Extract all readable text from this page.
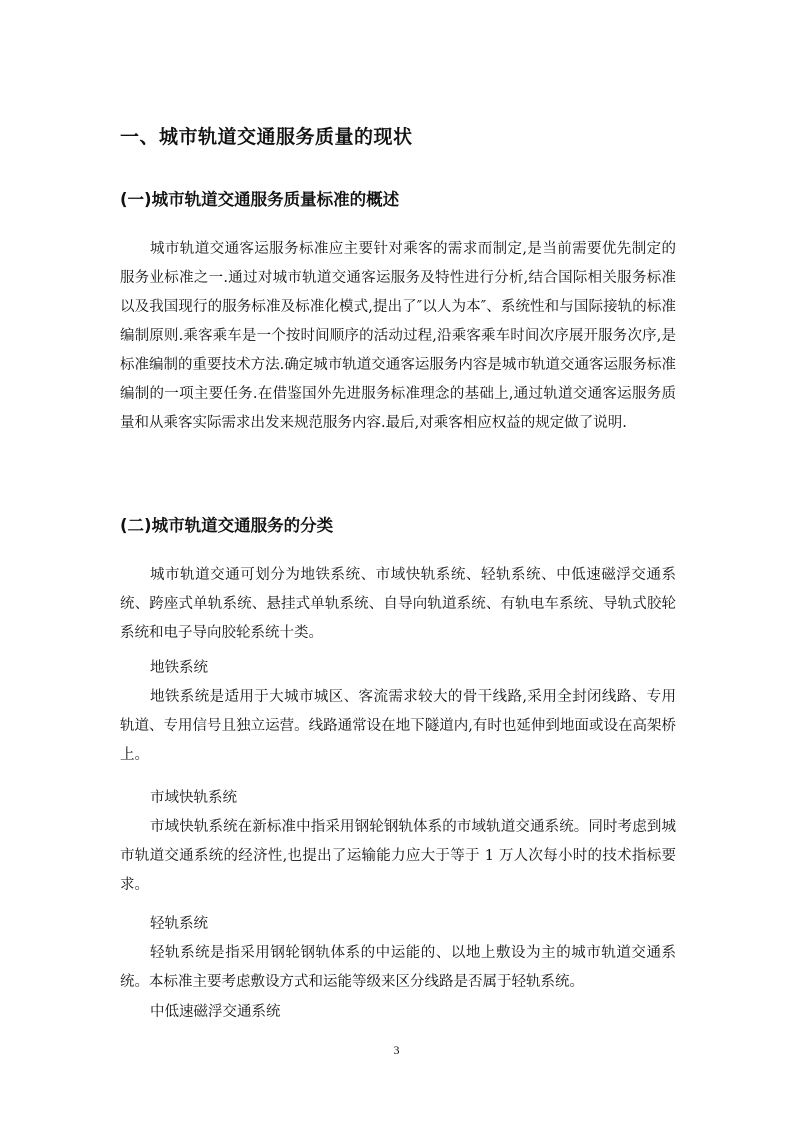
一、城市轨道交通服务质量的现状
(一)城市轨道交通服务质量标准的概述

城市轨道交通客运服务标准应主要针对乘客的需求而制定,是当前需要优先制定的服务业标准之一.通过对城市轨道交通客运服务及特性进行分析,结合国际相关服务标准以及我国现行的服务标准及标准化模式,提出了″以人为本″、系统性和与国际接轨的标准编制原则.乘客乘车是一个按时间顺序的活动过程,沿乘客乘车时间次序展开服务次序,是标准编制的重要技术方法.确定城市轨道交通客运服务内容是城市轨道交通客运服务标准编制的一项主要任务.在借鉴国外先进服务标准理念的基础上,通过轨道交通客运服务质量和从乘客实际需求出发来规范服务内容.最后,对乘客相应权益的规定做了说明.

(二)城市轨道交通服务的分类

城市轨道交通可划分为地铁系统、市域快轨系统、轻轨系统、中低速磁浮交通系统、跨座式单轨系统、悬挂式单轨系统、自导向轨道系统、有轨电车系统、导轨式胶轮系统和电子导向胶轮系统十类。

地铁系统

地铁系统是适用于大城市城区、客流需求较大的骨干线路,采用全封闭线路、专用轨道、专用信号且独立运营。线路通常设在地下隧道内,有时也延伸到地面或设在高架桥上。

市域快轨系统

市域快轨系统在新标准中指采用钢轮钢轨体系的市域轨道交通系统。同时考虑到城市轨道交通系统的经济性,也提出了运输能力应大于等于 1 万人次每小时的技术指标要求。

轻轨系统

轻轨系统是指采用钢轮钢轨体系的中运能的、以地上敷设为主的城市轨道交通系统。本标准主要考虑敷设方式和运能等级来区分线路是否属于轻轨系统。

中低速磁浮交通系统

3
